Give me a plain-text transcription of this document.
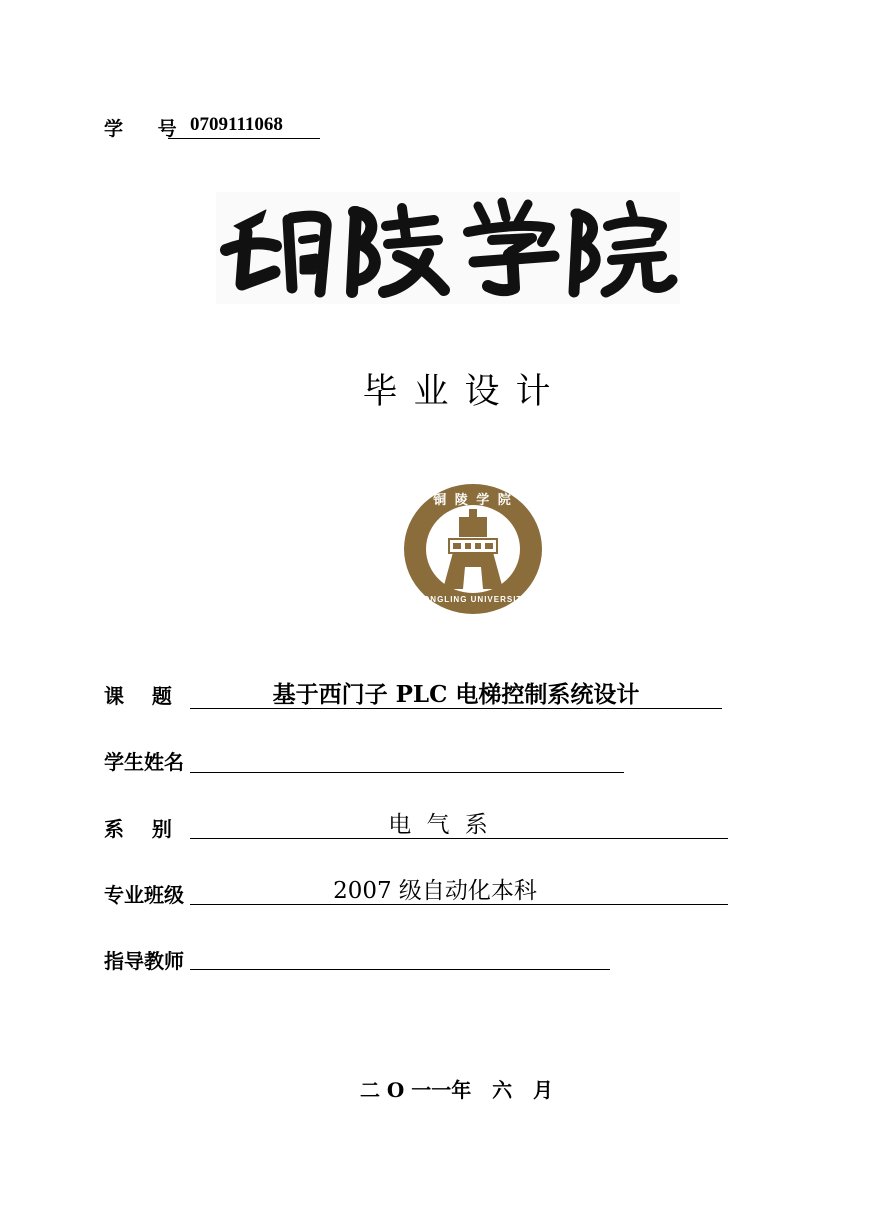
学 号 0709111068
毕业设计
铜 陵 学 院
TONGLING UNIVERSITY
课    题	基于西门子 PLC 电梯控制系统设计
学生姓名
系    别	电 气 系
专业班级	2007 级自动化本科
指导教师
二 O 一一年   六   月
